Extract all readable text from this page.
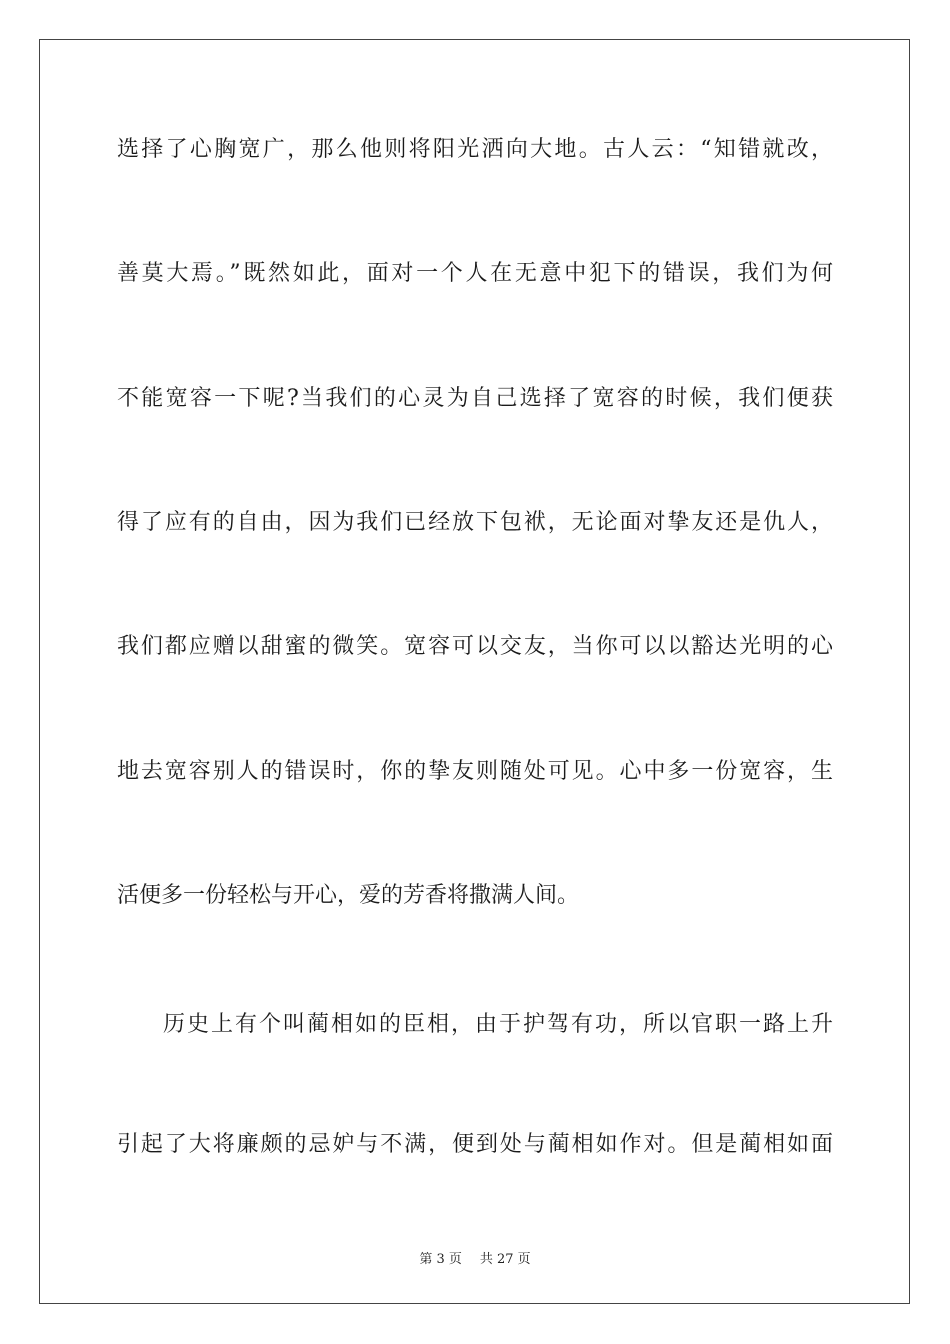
选择了心胸宽广，那么他则将阳光洒向大地。古人云：“知错就改，
善莫大焉。”既然如此，面对一个人在无意中犯下的错误，我们为何
不能宽容一下呢?当我们的心灵为自己选择了宽容的时候，我们便获
得了应有的自由，因为我们已经放下包袱，无论面对挚友还是仇人，
我们都应赠以甜蜜的微笑。宽容可以交友，当你可以以豁达光明的心
地去宽容别人的错误时，你的挚友则随处可见。心中多一份宽容，生
活便多一份轻松与开心，爱的芳香将撒满人间。
历史上有个叫蔺相如的臣相，由于护驾有功，所以官职一路上升
引起了大将廉颇的忌妒与不满，便到处与蔺相如作对。但是蔺相如面
第 3 页 共 27 页
